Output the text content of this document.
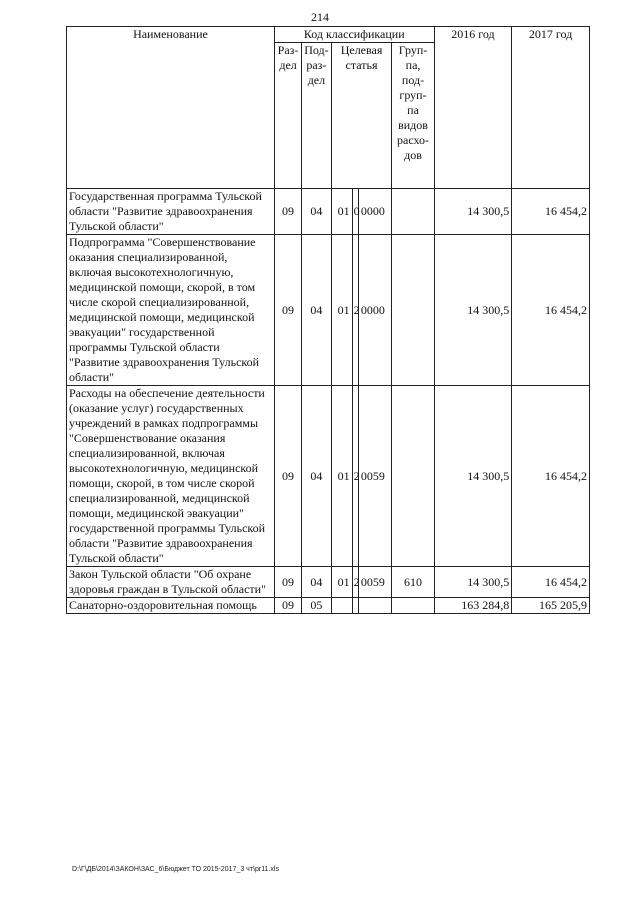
214
Наименование	Код классификации						2016 год	2017 год
	Раз- дел	Под- раз- дел	Целевая статья			Груп- па, под- груп- па видов расхо- дов		
Государственная программа Тульской области "Развитие здравоохранения Тульской области"	09	04	01	0	0000		14 300,5	16 454,2
Подпрограмма "Совершенствование оказания специализированной, включая высокотехнологичную, медицинской помощи, скорой, в том числе скорой специализированной, медицинской помощи, медицинской эвакуации" государственной программы Тульской области "Развитие здравоохранения Тульской области"	09	04	01	2	0000		14 300,5	16 454,2
Расходы на обеспечение деятельности (оказание услуг) государственных учреждений в рамках подпрограммы "Совершенствование оказания специализированной, включая высокотехнологичную, медицинской помощи, скорой, в том числе скорой специализированной, медицинской помощи, медицинской эвакуации" государственной программы Тульской области "Развитие здравоохранения Тульской области"	09	04	01	2	0059		14 300,5	16 454,2
Закон Тульской области "Об охране здоровья граждан в Тульской области"	09	04	01	2	0059	610	14 300,5	16 454,2
Санаторно-оздоровительная помощь	09	05					163 284,8	165 205,9
D:\Г\ДБ\2014\ЗАКОН\ЗАС_6\Бюджет ТО 2015-2017_3 чт\pr11.xls
